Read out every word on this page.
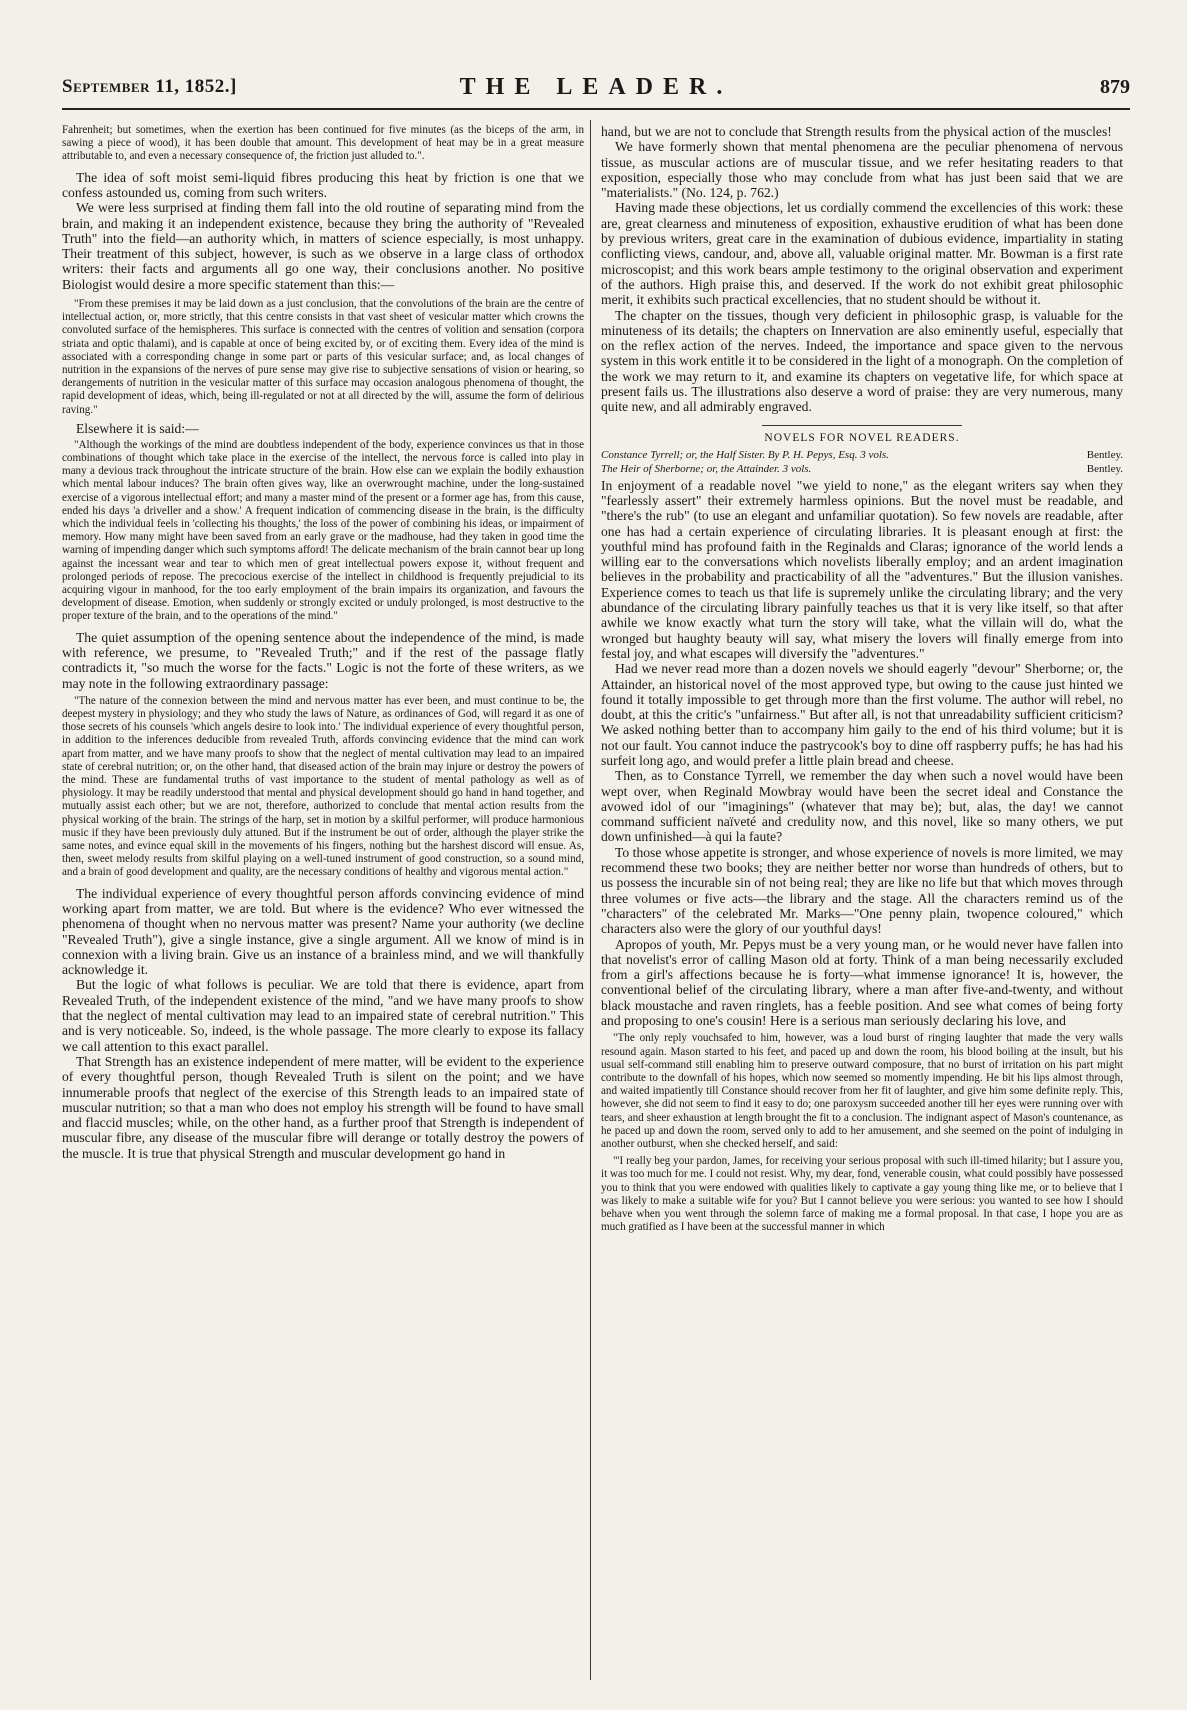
September 11, 1852.]	THE LEADER.	879

Fahrenheit; but sometimes, when the exertion has been continued for five minutes (as the biceps of the arm, in sawing a piece of wood), it has been double that amount. This development of heat may be in a great measure attributable to, and even a necessary consequence of, the friction just alluded to.".

The idea of soft moist semi-liquid fibres producing this heat by friction is one that we confess astounded us, coming from such writers.

We were less surprised at finding them fall into the old routine of separating mind from the brain, and making it an independent existence, because they bring the authority of "Revealed Truth" into the field—an authority which, in matters of science especially, is most unhappy. Their treatment of this subject, however, is such as we observe in a large class of orthodox writers: their facts and arguments all go one way, their conclusions another. No positive Biologist would desire a more specific statement than this:—

"From these premises it may be laid down as a just conclusion, that the convolutions of the brain are the centre of intellectual action, or, more strictly, that this centre consists in that vast sheet of vesicular matter which crowns the convoluted surface of the hemispheres. This surface is connected with the centres of volition and sensation (corpora striata and optic thalami), and is capable at once of being excited by, or of exciting them. Every idea of the mind is associated with a corresponding change in some part or parts of this vesicular surface; and, as local changes of nutrition in the expansions of the nerves of pure sense may give rise to subjective sensations of vision or hearing, so derangements of nutrition in the vesicular matter of this surface may occasion analogous phenomena of thought, the rapid development of ideas, which, being ill-regulated or not at all directed by the will, assume the form of delirious raving."

Elsewhere it is said:—

"Although the workings of the mind are doubtless independent of the body, experience convinces us that in those combinations of thought which take place in the exercise of the intellect, the nervous force is called into play in many a devious track throughout the intricate structure of the brain. How else can we explain the bodily exhaustion which mental labour induces? The brain often gives way, like an overwrought machine, under the long-sustained exercise of a vigorous intellectual effort; and many a master mind of the present or a former age has, from this cause, ended his days 'a driveller and a show.' A frequent indication of commencing disease in the brain, is the difficulty which the individual feels in 'collecting his thoughts,' the loss of the power of combining his ideas, or impairment of memory. How many might have been saved from an early grave or the madhouse, had they taken in good time the warning of impending danger which such symptoms afford! The delicate mechanism of the brain cannot bear up long against the incessant wear and tear to which men of great intellectual powers expose it, without frequent and prolonged periods of repose. The precocious exercise of the intellect in childhood is frequently prejudicial to its acquiring vigour in manhood, for the too early employment of the brain impairs its organization, and favours the development of disease. Emotion, when suddenly or strongly excited or unduly prolonged, is most destructive to the proper texture of the brain, and to the operations of the mind."

The quiet assumption of the opening sentence about the independence of the mind, is made with reference, we presume, to "Revealed Truth;" and if the rest of the passage flatly contradicts it, "so much the worse for the facts." Logic is not the forte of these writers, as we may note in the following extraordinary passage:

"The nature of the connexion between the mind and nervous matter has ever been, and must continue to be, the deepest mystery in physiology; and they who study the laws of Nature, as ordinances of God, will regard it as one of those secrets of his counsels 'which angels desire to look into.' The individual experience of every thoughtful person, in addition to the inferences deducible from revealed Truth, affords convincing evidence that the mind can work apart from matter, and we have many proofs to show that the neglect of mental cultivation may lead to an impaired state of cerebral nutrition; or, on the other hand, that diseased action of the brain may injure or destroy the powers of the mind. These are fundamental truths of vast importance to the student of mental pathology as well as of physiology. It may be readily understood that mental and physical development should go hand in hand together, and mutually assist each other; but we are not, therefore, authorized to conclude that mental action results from the physical working of the brain. The strings of the harp, set in motion by a skilful performer, will produce harmonious music if they have been previously duly attuned. But if the instrument be out of order, although the player strike the same notes, and evince equal skill in the movements of his fingers, nothing but the harshest discord will ensue. As, then, sweet melody results from skilful playing on a well-tuned instrument of good construction, so a sound mind, and a brain of good development and quality, are the necessary conditions of healthy and vigorous mental action."

The individual experience of every thoughtful person affords convincing evidence of mind working apart from matter, we are told. But where is the evidence? Who ever witnessed the phenomena of thought when no nervous matter was present? Name your authority (we decline "Revealed Truth"), give a single instance, give a single argument. All we know of mind is in connexion with a living brain. Give us an instance of a brainless mind, and we will thankfully acknowledge it.

But the logic of what follows is peculiar. We are told that there is evidence, apart from Revealed Truth, of the independent existence of the mind, "and we have many proofs to show that the neglect of mental cultivation may lead to an impaired state of cerebral nutrition." This and is very noticeable. So, indeed, is the whole passage. The more clearly to expose its fallacy we call attention to this exact parallel.

That Strength has an existence independent of mere matter, will be evident to the experience of every thoughtful person, though Revealed Truth is silent on the point; and we have innumerable proofs that neglect of the exercise of this Strength leads to an impaired state of muscular nutrition; so that a man who does not employ his strength will be found to have small and flaccid muscles; while, on the other hand, as a further proof that Strength is independent of muscular fibre, any disease of the muscular fibre will derange or totally destroy the powers of the muscle. It is true that physical Strength and muscular development go hand in

hand, but we are not to conclude that Strength results from the physical action of the muscles!

We have formerly shown that mental phenomena are the peculiar phenomena of nervous tissue, as muscular actions are of muscular tissue, and we refer hesitating readers to that exposition, especially those who may conclude from what has just been said that we are "materialists." (No. 124, p. 762.)

Having made these objections, let us cordially commend the excellencies of this work: these are, great clearness and minuteness of exposition, exhaustive erudition of what has been done by previous writers, great care in the examination of dubious evidence, impartiality in stating conflicting views, candour, and, above all, valuable original matter. Mr. Bowman is a first rate microscopist; and this work bears ample testimony to the original observation and experiment of the authors. High praise this, and deserved. If the work do not exhibit great philosophic merit, it exhibits such practical excellencies, that no student should be without it.

The chapter on the tissues, though very deficient in philosophic grasp, is valuable for the minuteness of its details; the chapters on Innervation are also eminently useful, especially that on the reflex action of the nerves. Indeed, the importance and space given to the nervous system in this work entitle it to be considered in the light of a monograph. On the completion of the work we may return to it, and examine its chapters on vegetative life, for which space at present fails us. The illustrations also deserve a word of praise: they are very numerous, many quite new, and all admirably engraved.

NOVELS FOR NOVEL READERS.
Constance Tyrrell; or, the Half Sister. By P. H. Pepys, Esq. 3 vols.	Bentley.
The Heir of Sherborne; or, the Attainder. 3 vols.	Bentley.

In enjoyment of a readable novel "we yield to none," as the elegant writers say when they "fearlessly assert" their extremely harmless opinions. But the novel must be readable, and "there's the rub" (to use an elegant and unfamiliar quotation). So few novels are readable, after one has had a certain experience of circulating libraries. It is pleasant enough at first: the youthful mind has profound faith in the Reginalds and Claras; ignorance of the world lends a willing ear to the conversations which novelists liberally employ; and an ardent imagination believes in the probability and practicability of all the "adventures." But the illusion vanishes. Experience comes to teach us that life is supremely unlike the circulating library; and the very abundance of the circulating library painfully teaches us that it is very like itself, so that after awhile we know exactly what turn the story will take, what the villain will do, what the wronged but haughty beauty will say, what misery the lovers will finally emerge from into festal joy, and what escapes will diversify the "adventures."

Had we never read more than a dozen novels we should eagerly "devour" Sherborne; or, the Attainder, an historical novel of the most approved type, but owing to the cause just hinted we found it totally impossible to get through more than the first volume. The author will rebel, no doubt, at this the critic's "unfairness." But after all, is not that unreadability sufficient criticism? We asked nothing better than to accompany him gaily to the end of his third volume; but it is not our fault. You cannot induce the pastrycook's boy to dine off raspberry puffs; he has had his surfeit long ago, and would prefer a little plain bread and cheese.

Then, as to Constance Tyrrell, we remember the day when such a novel would have been wept over, when Reginald Mowbray would have been the secret ideal and Constance the avowed idol of our "imaginings" (whatever that may be); but, alas, the day! we cannot command sufficient naïveté and credulity now, and this novel, like so many others, we put down unfinished—à qui la faute?

To those whose appetite is stronger, and whose experience of novels is more limited, we may recommend these two books; they are neither better nor worse than hundreds of others, but to us possess the incurable sin of not being real; they are like no life but that which moves through three volumes or five acts—the library and the stage. All the characters remind us of the "characters" of the celebrated Mr. Marks—"One penny plain, twopence coloured," which characters also were the glory of our youthful days!

Apropos of youth, Mr. Pepys must be a very young man, or he would never have fallen into that novelist's error of calling Mason old at forty. Think of a man being necessarily excluded from a girl's affections because he is forty—what immense ignorance! It is, however, the conventional belief of the circulating library, where a man after five-and-twenty, and without black moustache and raven ringlets, has a feeble position. And see what comes of being forty and proposing to one's cousin! Here is a serious man seriously declaring his love, and

"The only reply vouchsafed to him, however, was a loud burst of ringing laughter that made the very walls resound again. Mason started to his feet, and paced up and down the room, his blood boiling at the insult, but his usual self-command still enabling him to preserve outward composure, that no burst of irritation on his part might contribute to the downfall of his hopes, which now seemed so momently impending. He bit his lips almost through, and waited impatiently till Constance should recover from her fit of laughter, and give him some definite reply. This, however, she did not seem to find it easy to do; one paroxysm succeeded another till her eyes were running over with tears, and sheer exhaustion at length brought the fit to a conclusion. The indignant aspect of Mason's countenance, as he paced up and down the room, served only to add to her amusement, and she seemed on the point of indulging in another outburst, when she checked herself, and said:

"'I really beg your pardon, James, for receiving your serious proposal with such ill-timed hilarity; but I assure you, it was too much for me. I could not resist. Why, my dear, fond, venerable cousin, what could possibly have possessed you to think that you were endowed with qualities likely to captivate a gay young thing like me, or to believe that I was likely to make a suitable wife for you? But I cannot believe you were serious: you wanted to see how I should behave when you went through the solemn farce of making me a formal proposal. In that case, I hope you are as much gratified as I have been at the successful manner in which
